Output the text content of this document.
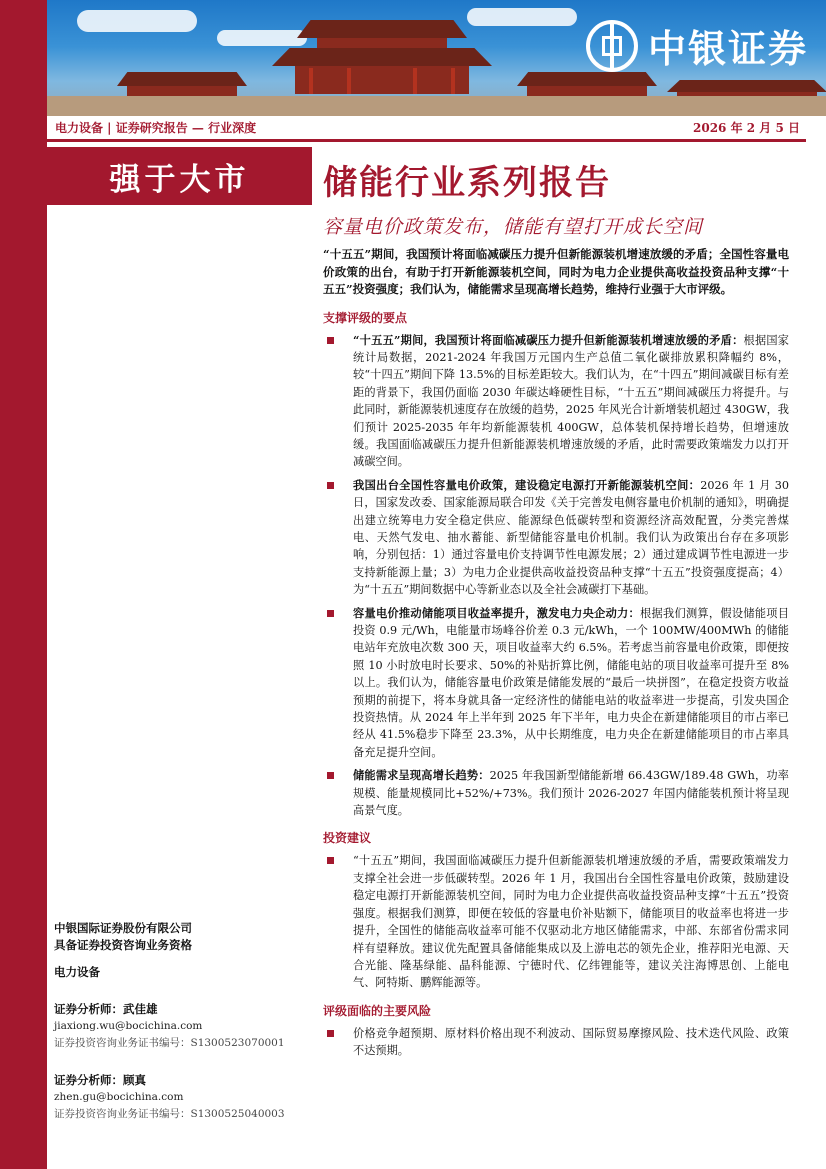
中银证券
电力设备 | 证券研究报告 — 行业深度	2026 年 2 月 5 日
强于大市 储能行业系列报告
容量电价政策发布，储能有望打开成长空间

“十五五”期间，我国预计将面临减碳压力提升但新能源装机增速放缓的矛盾；全国性容量电价政策的出台，有助于打开新能源装机空间，同时为电力企业提供高收益投资品种支撑“十五五”投资强度；我们认为，储能需求呈现高增长趋势，维持行业强于大市评级。

支撑评级的要点
“十五五”期间，我国预计将面临减碳压力提升但新能源装机增速放缓的矛盾：根据国家统计局数据，2021-2024 年我国万元国内生产总值二氧化碳排放累积降幅约 8%，较“十四五”期间下降 13.5%的目标差距较大。我们认为，在“十四五”期间减碳目标有差距的背景下，我国仍面临 2030 年碳达峰硬性目标，“十五五”期间减碳压力将提升。与此同时，新能源装机速度存在放缓的趋势，2025 年风光合计新增装机超过 430GW，我们预计 2025-2035 年年均新能源装机 400GW，总体装机保持增长趋势，但增速放缓。我国面临减碳压力提升但新能源装机增速放缓的矛盾，此时需要政策端发力以打开减碳空间。
我国出台全国性容量电价政策，建设稳定电源打开新能源装机空间：2026 年 1 月 30 日，国家发改委、国家能源局联合印发《关于完善发电侧容量电价机制的通知》，明确提出建立统筹电力安全稳定供应、能源绿色低碳转型和资源经济高效配置，分类完善煤电、天然气发电、抽水蓄能、新型储能容量电价机制。我们认为政策出台存在多项影响，分别包括：1）通过容量电价支持调节性电源发展；2）通过建成调节性电源进一步支持新能源上量；3）为电力企业提供高收益投资品种支撑“十五五”投资强度提高；4）为“十五五”期间数据中心等新业态以及全社会减碳打下基础。
容量电价推动储能项目收益率提升，激发电力央企动力：根据我们测算，假设储能项目投资 0.9 元/Wh，电能量市场峰谷价差 0.3 元/kWh，一个 100MW/400MWh 的储能电站年充放电次数 300 天，项目收益率大约 6.5%。若考虑当前容量电价政策，即便按照 10 小时放电时长要求、50%的补贴折算比例，储能电站的项目收益率可提升至 8%以上。我们认为，储能容量电价政策是储能发展的“最后一块拼图”，在稳定投资方收益预期的前提下，将本身就具备一定经济性的储能电站的收益率进一步提高，引发央国企投资热情。从 2024 年上半年到 2025 年下半年，电力央企在新建储能项目的市占率已经从 41.5%稳步下降至 23.3%，从中长期维度，电力央企在新建储能项目的市占率具备充足提升空间。
储能需求呈现高增长趋势：2025 年我国新型储能新增 66.43GW/189.48 GWh，功率规模、能量规模同比+52%/+73%。我们预计 2026-2027 年国内储能装机预计将呈现高景气度。
投资建议
“十五五”期间，我国面临减碳压力提升但新能源装机增速放缓的矛盾，需要政策端发力支撑全社会进一步低碳转型。2026 年 1 月，我国出台全国性容量电价政策，鼓励建设稳定电源打开新能源装机空间，同时为电力企业提供高收益投资品种支撑“十五五”投资强度。根据我们测算，即便在较低的容量电价补贴额下，储能项目的收益率也将进一步提升，全国性的储能高收益率可能不仅驱动北方地区储能需求，中部、东部省份需求同样有望释放。建议优先配置具备储能集成以及上游电芯的领先企业，推荐阳光电源、天合光能、隆基绿能、晶科能源、宁德时代、亿纬锂能等，建议关注海博思创、上能电气、阿特斯、鹏辉能源等。
评级面临的主要风险
价格竞争超预期、原材料价格出现不利波动、国际贸易摩擦风险、技术迭代风险、政策不达预期。
中银国际证券股份有限公司
具备证券投资咨询业务资格
电力设备
证券分析师：武佳雄
jiaxiong.wu@bocichina.com
证券投资咨询业务证书编号：S1300523070001
证券分析师：顾真
zhen.gu@bocichina.com
证券投资咨询业务证书编号：S1300525040003
